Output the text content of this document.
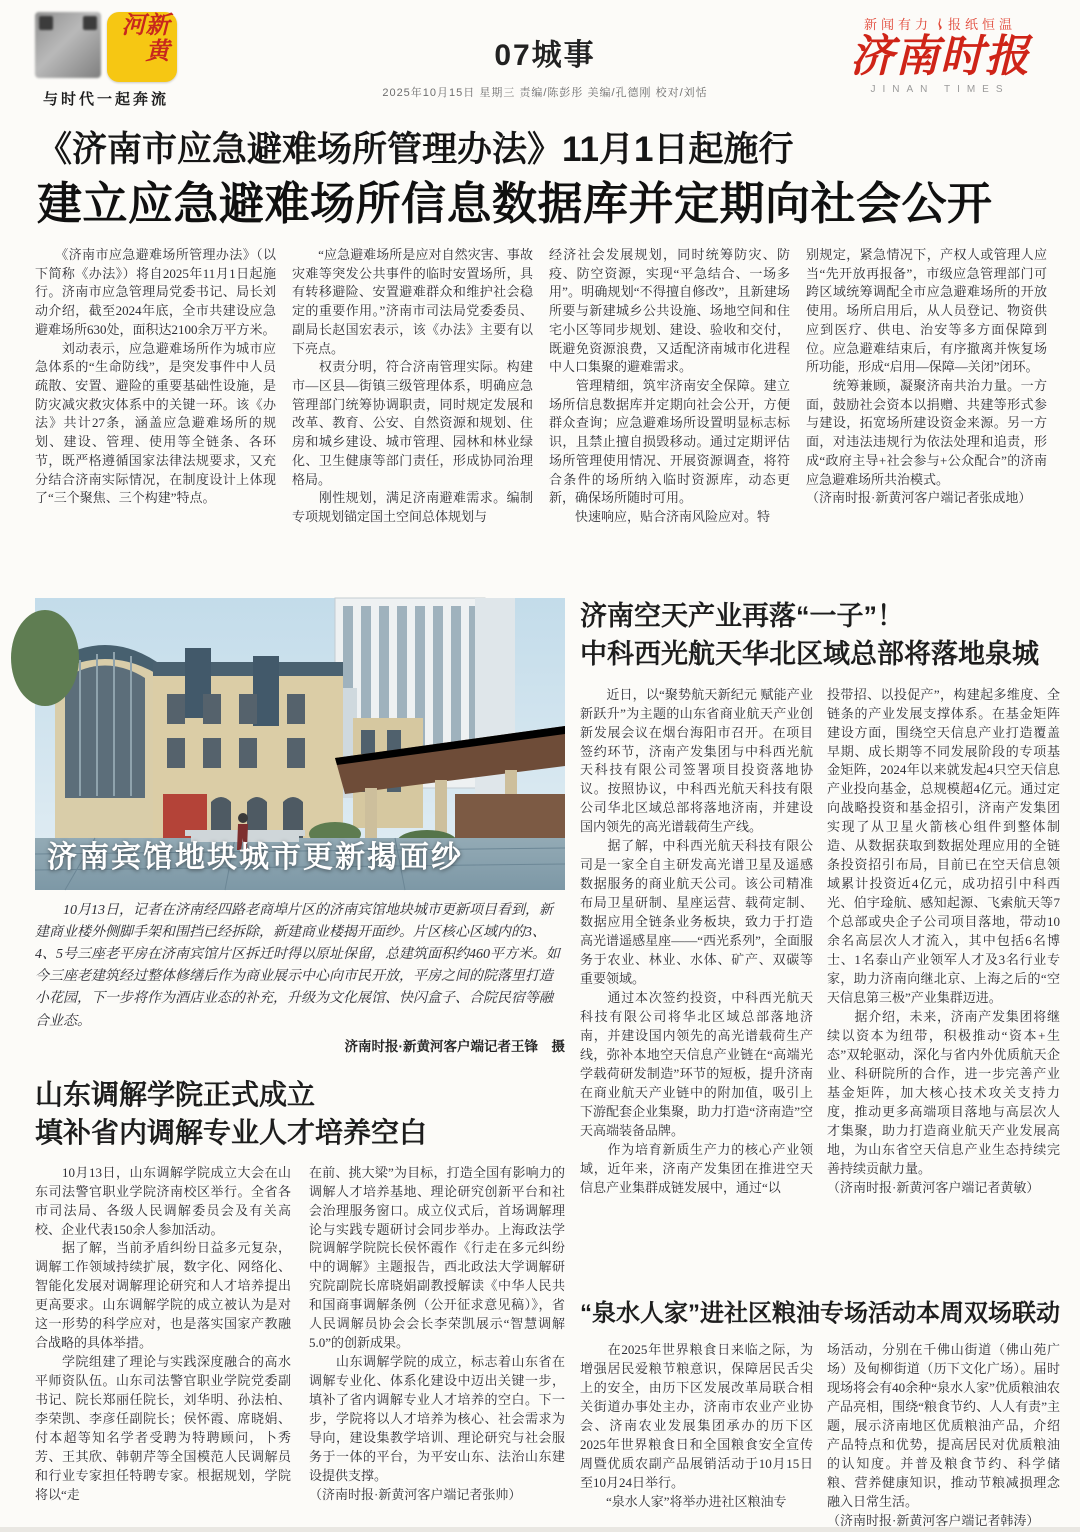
新黄河
与时代一起奔流
07城事
2025年10月15日 星期三 责编/陈彭彤 美编/孔德刚 校对/刘恬
新闻有力 报纸恒温
济南时报
JINAN TIMES
《济南市应急避难场所管理办法》11月1日起施行
建立应急避难场所信息数据库并定期向社会公开

　　《济南市应急避难场所管理办法》（以下简称《办法》）将自2025年11月1日起施行。济南市应急管理局党委书记、局长刘动介绍，截至2024年底，全市共建设应急避难场所630处，面积达2100余万平方米。

　　刘动表示，应急避难场所作为城市应急体系的“生命防线”，是突发事件中人员疏散、安置、避险的重要基础性设施，是防灾减灾救灾体系中的关键一环。该《办法》共计27条，涵盖应急避难场所的规划、建设、管理、使用等全链条、各环节，既严格遵循国家法律法规要求，又充分结合济南实际情况，在制度设计上体现了“三个聚焦、三个构建”特点。

　　“应急避难场所是应对自然灾害、事故灾难等突发公共事件的临时安置场所，具有转移避险、安置避难群众和维护社会稳定的重要作用。”济南市司法局党委委员、副局长赵国宏表示，该《办法》主要有以下亮点。

　　权责分明，符合济南管理实际。构建市—区县—街镇三级管理体系，明确应急管理部门统筹协调职责，同时规定发展和改革、教育、公安、自然资源和规划、住房和城乡建设、城市管理、园林和林业绿化、卫生健康等部门责任，形成协同治理格局。

　　刚性规划，满足济南避难需求。编制专项规划锚定国土空间总体规划与

经济社会发展规划，同时统筹防灾、防疫、防空资源，实现“平急结合、一场多用”。明确规划“不得擅自修改”，且新建场所要与新建城乡公共设施、场地空间和住宅小区等同步规划、建设、验收和交付，既避免资源浪费，又适配济南城市化进程中人口集聚的避难需求。

　　管理精细，筑牢济南安全保障。建立场所信息数据库并定期向社会公开，方便群众查询；应急避难场所设置明显标志标识，且禁止擅自损毁移动。通过定期评估场所管理使用情况、开展资源调查，将符合条件的场所纳入临时资源库，动态更新，确保场所随时可用。

　　快速响应，贴合济南风险应对。特

别规定，紧急情况下，产权人或管理人应当“先开放再报备”，市级应急管理部门可跨区域统筹调配全市应急避难场所的开放使用。场所启用后，从人员登记、物资供应到医疗、供电、治安等多方面保障到位。应急避难结束后，有序撤离并恢复场所功能，形成“启用—保障—关闭”闭环。

　　统筹兼顾，凝聚济南共治力量。一方面，鼓励社会资本以捐赠、共建等形式参与建设，拓宽场所建设资金来源。另一方面，对违法违规行为依法处理和追责，形成“政府主导+社会参与+公众配合”的济南应急避难场所共治模式。

（济南时报·新黄河客户端记者张成地）

济南宾馆地块城市更新揭面纱
　　10月13日，记者在济南经四路老商埠片区的济南宾馆地块城市更新项目看到，新建商业楼外侧脚手架和围挡已经拆除，新建商业楼揭开面纱。片区核心区域内的3、4、5号三座老平房在济南宾馆片区拆迁时得以原址保留，总建筑面积约460平方米。如今三座老建筑经过整体修缮后作为商业展示中心向市民开放，平房之间的院落里打造小花园，下一步将作为酒店业态的补充，升级为文化展馆、快闪盒子、合院民宿等融合业态。
济南时报·新黄河客户端记者王锋　摄
济南空天产业再落“一子”！
中科西光航天华北区域总部将落地泉城

　　近日，以“聚势航天新纪元 赋能产业新跃升”为主题的山东省商业航天产业创新发展会议在烟台海阳市召开。在项目签约环节，济南产发集团与中科西光航天科技有限公司签署项目投资落地协议。按照协议，中科西光航天科技有限公司华北区域总部将落地济南，并建设国内领先的高光谱载荷生产线。

　　据了解，中科西光航天科技有限公司是一家全自主研发高光谱卫星及遥感数据服务的商业航天公司。该公司精准布局卫星研制、星座运营、载荷定制、数据应用全链条业务板块，致力于打造高光谱遥感星座——“西光系列”，全面服务于农业、林业、水体、矿产、双碳等重要领域。

　　通过本次签约投资，中科西光航天科技有限公司将华北区域总部落地济南，并建设国内领先的高光谱载荷生产线，弥补本地空天信息产业链在“高端光学载荷研发制造”环节的短板，提升济南在商业航天产业链中的附加值，吸引上下游配套企业集聚，助力打造“济南造”空天高端装备品牌。

　　作为培育新质生产力的核心产业领域，近年来，济南产发集团在推进空天信息产业集群成链发展中，通过“以

投带招、以投促产”，构建起多维度、全链条的产业发展支撑体系。在基金矩阵建设方面，围绕空天信息产业打造覆盖早期、成长期等不同发展阶段的专项基金矩阵，2024年以来就发起4只空天信息产业投向基金，总规模超4亿元。通过定向战略投资和基金招引，济南产发集团实现了从卫星火箭核心组件到整体制造、从数据获取到数据处理应用的全链条投资招引布局，目前已在空天信息领域累计投资近4亿元，成功招引中科西光、伯宇琻航、感知起源、飞索航天等7个总部或央企子公司项目落地，带动10余名高层次人才流入，其中包括6名博士、1名泰山产业领军人才及3名行业专家，助力济南向继北京、上海之后的“空天信息第三极”产业集群迈进。

　　据介绍，未来，济南产发集团将继续以资本为纽带，积极推动“资本+生态”双轮驱动，深化与省内外优质航天企业、科研院所的合作，进一步完善产业基金矩阵，加大核心技术攻关支持力度，推动更多高端项目落地与高层次人才集聚，助力打造商业航天产业发展高地，为山东省空天信息产业生态持续完善持续贡献力量。

（济南时报·新黄河客户端记者黄敏）

山东调解学院正式成立
填补省内调解专业人才培养空白

　　10月13日，山东调解学院成立大会在山东司法警官职业学院济南校区举行。全省各市司法局、各级人民调解委员会及有关高校、企业代表150余人参加活动。

　　据了解，当前矛盾纠纷日益多元复杂，调解工作领域持续扩展，数字化、网络化、智能化发展对调解理论研究和人才培养提出更高要求。山东调解学院的成立被认为是对这一形势的科学应对，也是落实国家产教融合战略的具体举措。

　　学院组建了理论与实践深度融合的高水平师资队伍。山东司法警官职业学院党委副书记、院长郑丽任院长，刘华明、孙法柏、李荣凯、李彦任副院长；侯怀霞、席晓娟、付本超等知名学者受聘为特聘顾问，卜秀芳、王其欣、韩朝芹等全国模范人民调解员和行业专家担任特聘专家。根据规划，学院将以“走

在前、挑大梁”为目标，打造全国有影响力的调解人才培养基地、理论研究创新平台和社会治理服务窗口。成立仪式后，首场调解理论与实践专题研讨会同步举办。上海政法学院调解学院院长侯怀霞作《行走在多元纠纷中的调解》主题报告，西北政法大学调解研究院副院长席晓娟副教授解读《中华人民共和国商事调解条例（公开征求意见稿）》，省人民调解员协会会长李荣凯展示“智慧调解5.0”的创新成果。

　　山东调解学院的成立，标志着山东省在调解专业化、体系化建设中迈出关键一步，填补了省内调解专业人才培养的空白。下一步，学院将以人才培养为核心、社会需求为导向，建设集教学培训、理论研究与社会服务于一体的平台，为平安山东、法治山东建设提供支撑。

（济南时报·新黄河客户端记者张帅）

“泉水人家”进社区粮油专场活动本周双场联动

　　在2025年世界粮食日来临之际，为增强居民爱粮节粮意识，保障居民舌尖上的安全，由历下区发展改革局联合相关街道办事处主办，济南市农业产业协会、济南农业发展集团承办的历下区2025年世界粮食日和全国粮食安全宣传周暨优质农副产品展销活动于10月15日至10月24日举行。

　　“泉水人家”将举办进社区粮油专

场活动，分别在千佛山街道（佛山苑广场）及甸柳街道（历下文化广场）。届时现场将会有40余种“泉水人家”优质粮油农产品亮相，围绕“粮食节约、人人有责”主题，展示济南地区优质粮油产品，介绍产品特点和优势，提高居民对优质粮油的认知度。并普及粮食节约、科学储粮、营养健康知识，推动节粮减损理念融入日常生活。

（济南时报·新黄河客户端记者韩涛）
